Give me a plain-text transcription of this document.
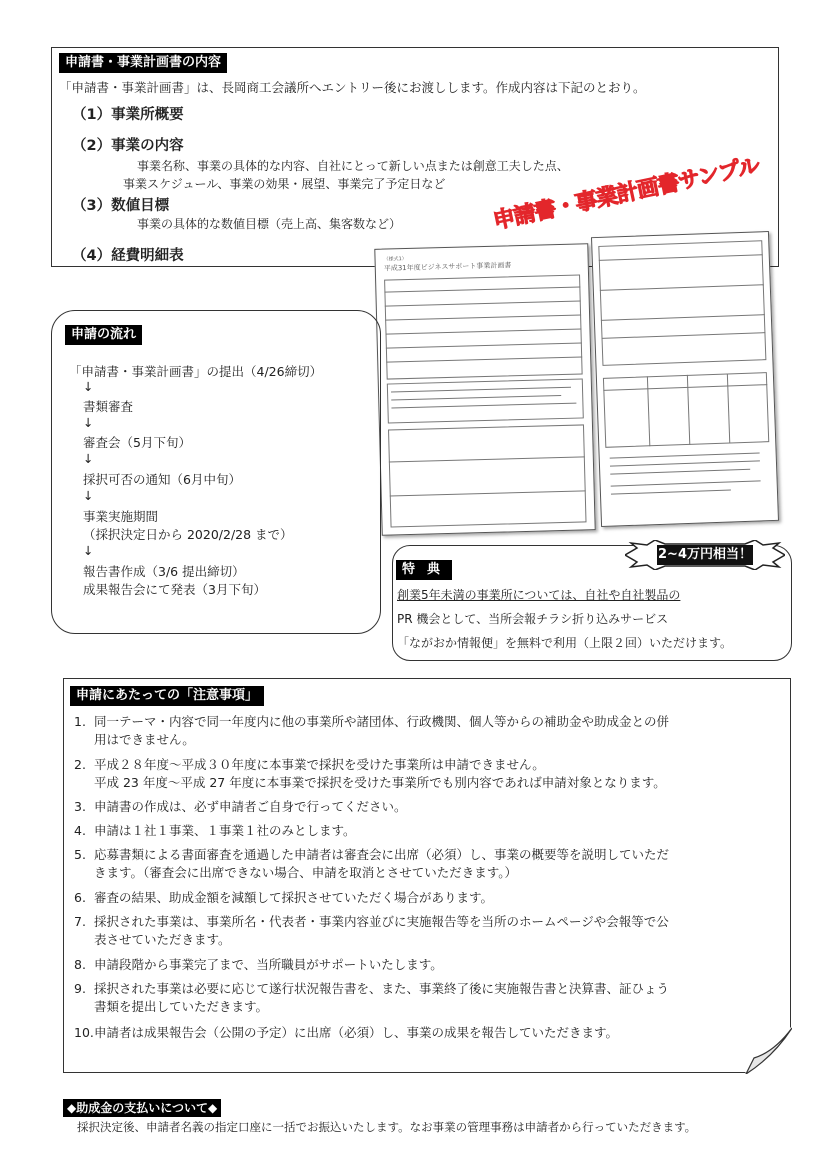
申請書・事業計画書の内容
「申請書・事業計画書」は、長岡商工会議所へエントリー後にお渡しします。作成内容は下記のとおり。
（1）事業所概要
（2）事業の内容
事業名称、事業の具体的な内容、自社にとって新しい点または創意工夫した点、
事業スケジュール、事業の効果・展望、事業完了予定日など
（3）数値目標
事業の具体的な数値目標（売上高、集客数など）
（4）経費明細表	（様式1）
平成31年度ビジネスサポート事業計画書
申請書・事業計画書サンプル
申請の流れ
「申請書・事業計画書」の提出（4/26締切）
↓
書類審査
↓
審査会（5月下旬）
↓
採択可否の通知（6月中旬）
↓
事業実施期間
（採択決定日から 2020/2/28 まで）
↓
報告書作成（3/6 提出締切）
成果報告会にて発表（3月下旬）
特典
創業5年未満の事業所については、自社や自社製品の
PR 機会として、当所会報チラシ折り込みサービス
「ながおか情報便」を無料で利用（上限２回）いただけます。
2~4万円相当！
申請にあたっての「注意事項」
1. 同一テーマ・内容で同一年度内に他の事業所や諸団体、行政機関、個人等からの補助金や助成金との併
用はできません。
2. 平成２８年度～平成３０年度に本事業で採択を受けた事業所は申請できません。
平成 23 年度～平成 27 年度に本事業で採択を受けた事業所でも別内容であれば申請対象となります。
3. 申請書の作成は、必ず申請者ご自身で行ってください。
4. 申請は１社１事業、１事業１社のみとします。
5. 応募書類による書面審査を通過した申請者は審査会に出席（必須）し、事業の概要等を説明していただ
きます。（審査会に出席できない場合、申請を取消とさせていただきます。）
6. 審査の結果、助成金額を減額して採択させていただく場合があります。
7. 採択された事業は、事業所名・代表者・事業内容並びに実施報告等を当所のホームページや会報等で公
表させていただきます。
8. 申請段階から事業完了まで、当所職員がサポートいたします。
9. 採択された事業は必要に応じて遂行状況報告書を、また、事業終了後に実施報告書と決算書、証ひょう
書類を提出していただきます。
10.申請者は成果報告会（公開の予定）に出席（必須）し、事業の成果を報告していただきます。
◆助成金の支払いについて◆
採択決定後、申請者名義の指定口座に一括でお振込いたします。なお事業の管理事務は申請者から行っていただきます。
